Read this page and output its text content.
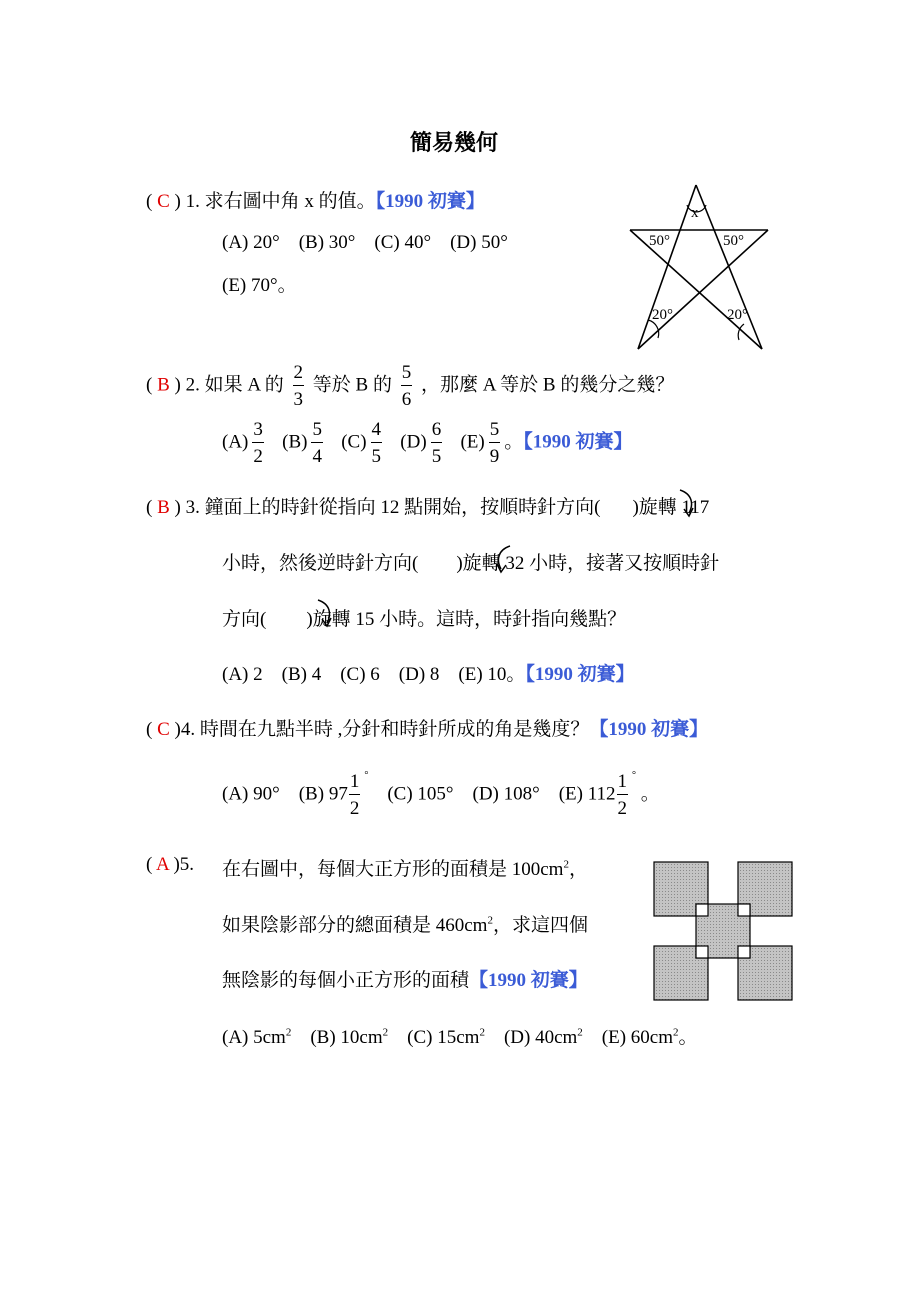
簡易幾何
( C ) 1. 求右圖中角 x 的值。【1990 初賽】
(A) 20°　(B) 30°　(C) 40°　(D) 50°
(E) 70°。
x
50°	50°
20°	20°
( B ) 2. 如果 A 的 $\frac{2}{3}$ 等於 B 的 $\frac{5}{6}$ ，那麼 A 等於 B 的幾分之幾？
$(A) \frac{3}{2} (B) \frac{5}{4} (C) \frac{4}{5} (D) \frac{6}{5} (E) \frac{5}{9}$ 。【1990 初賽】
( B ) 3. 鐘面上的時針從指向 12 點開始，按順時針方向( )旋轉 117
小時，然後逆時針方向( )旋轉 32 小時，接著又按順時針
方向( )旋轉 15 小時。這時，時針指向幾點？
(A) 2　(B) 4　(C) 6　(D) 8　(E) 10。【1990 初賽】
( C )4. 時間在九點半時 ,分針和時針所成的角是幾度？【1990 初賽】
(A) 90° (B) $97 \frac{1}{2} ^\circ$    (C) 105° (D) 108° (E) $112 \frac{1}{2} ^\circ$ 。
( A )5. 在右圖中，每個大正方形的面積是 $100cm^2$，
如果陰影部分的總面積是 $460cm^2$，求這四個
無陰影的每個小正方形的面積【1990 初賽】
(A) $5cm^2$ (B) $10cm^2$ (C) $15cm^2$ (D) $40cm^2$ (E) $60cm^2$。
